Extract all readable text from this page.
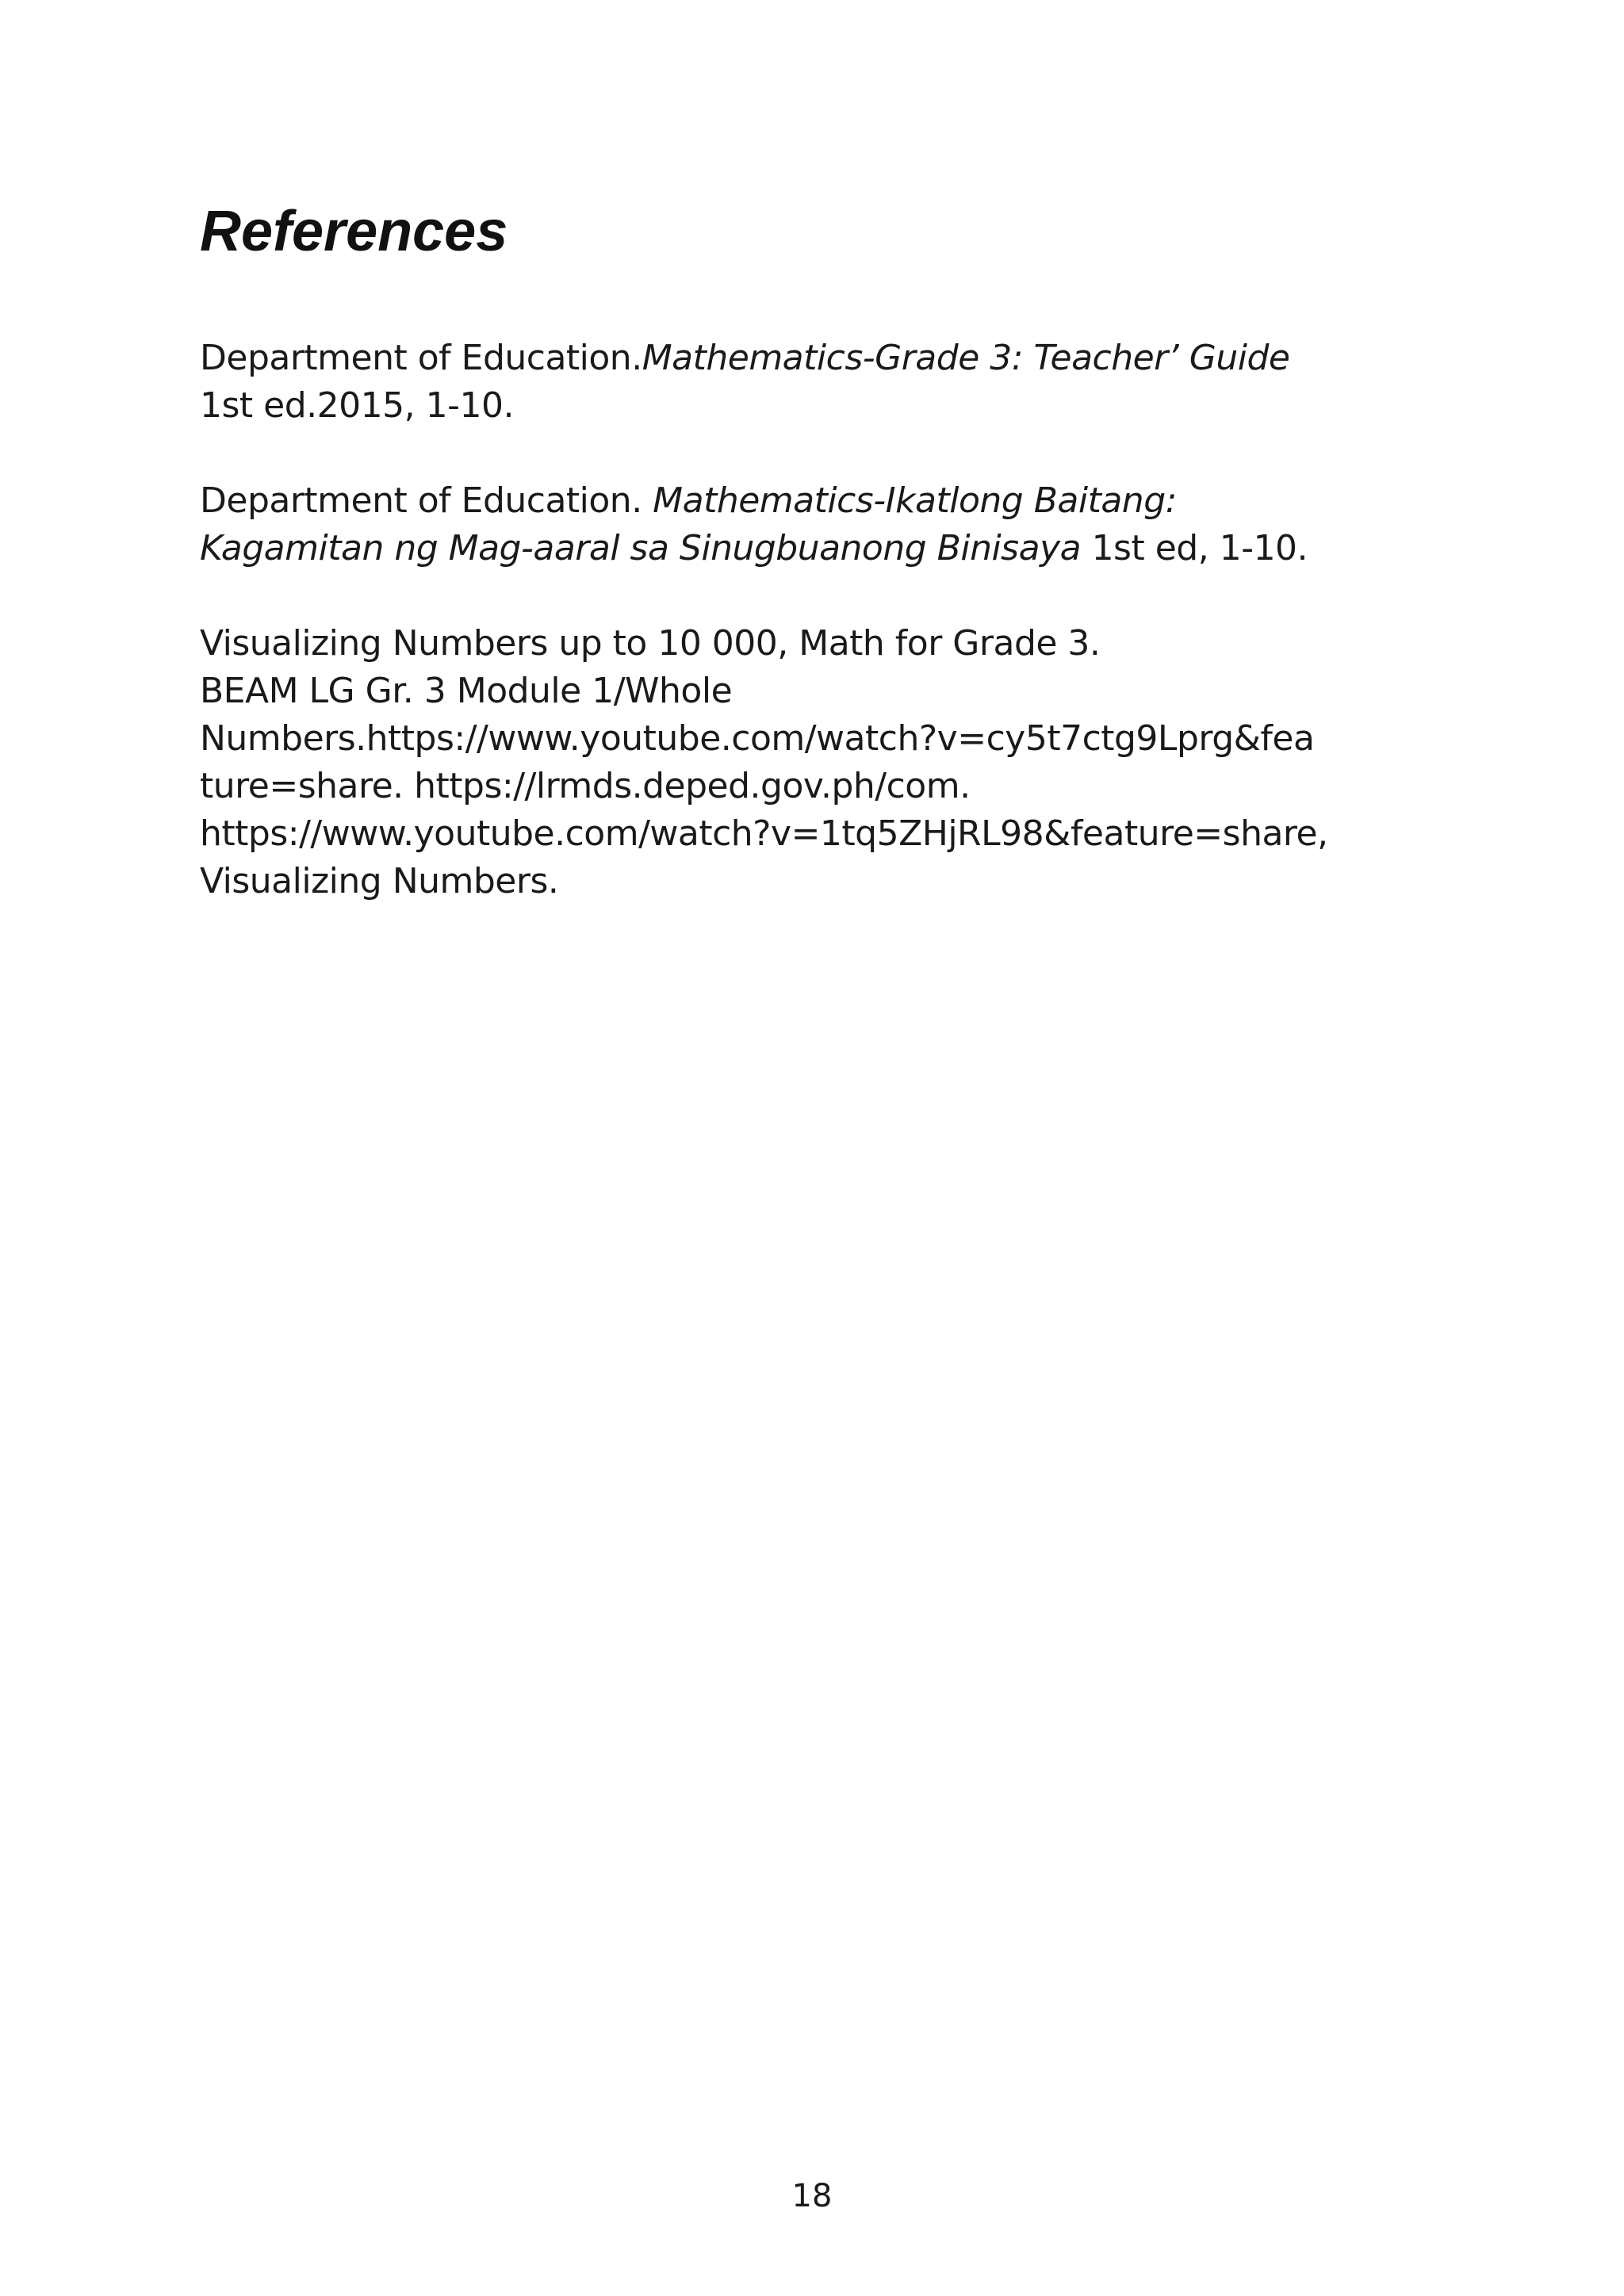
References

Department of Education.Mathematics-Grade 3: Teacher’ Guide
1st ed.2015, 1-10.

Department of Education. Mathematics-Ikatlong Baitang:
Kagamitan ng Mag-aaral sa Sinugbuanong Binisaya 1st ed, 1-10.

Visualizing Numbers up to 10 000, Math for Grade 3.
BEAM LG Gr. 3 Module 1/Whole
Numbers.https://www.youtube.com/watch?v=cy5t7ctg9Lprg&fea
ture=share. https://lrmds.deped.gov.ph/com.
https://www.youtube.com/watch?v=1tq5ZHjRL98&feature=share,
Visualizing Numbers.

18
